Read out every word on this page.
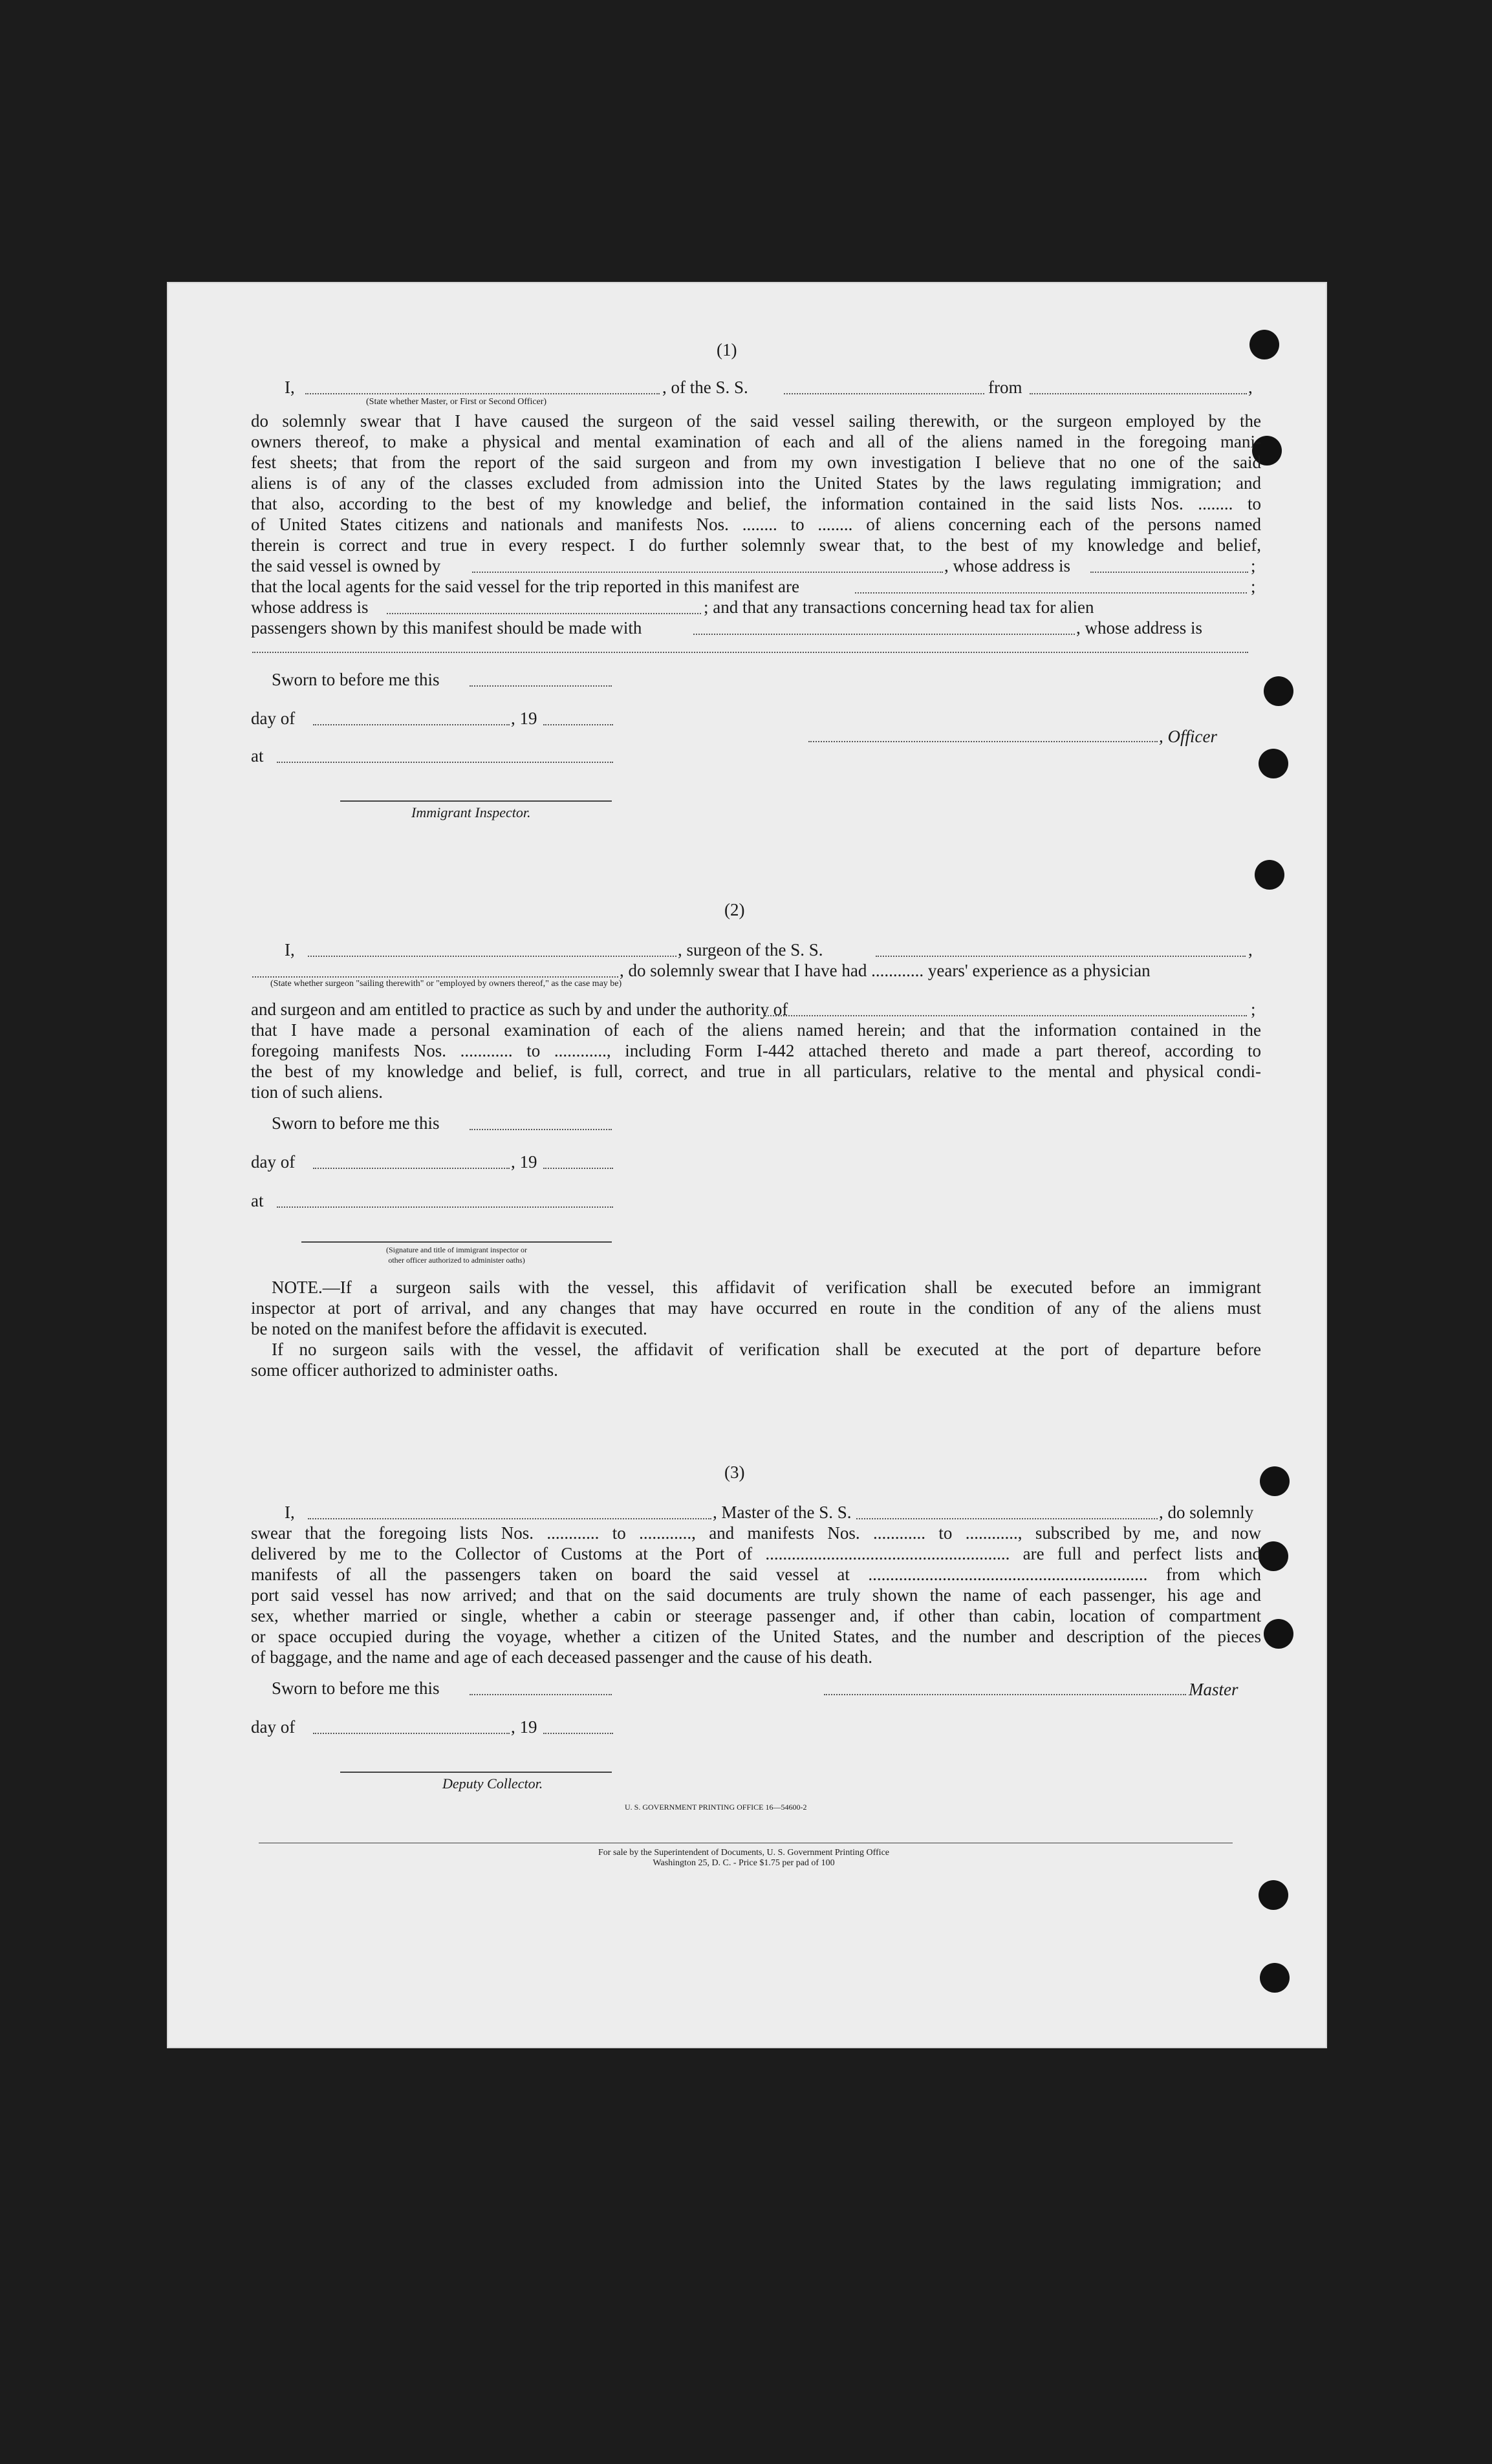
(1)
I,	, of the S. S.	from	,
(State whether Master, or First or Second Officer)
do solemnly swear that I have caused the surgeon of the said vessel sailing therewith, or the surgeon employed by the
owners thereof, to make a physical and mental examination of each and all of the aliens named in the foregoing mani-
fest sheets; that from the report of the said surgeon and from my own investigation I believe that no one of the said
aliens is of any of the classes excluded from admission into the United States by the laws regulating immigration; and
that also, according to the best of my knowledge and belief, the information contained in the said lists Nos. ........ to
of United States citizens and nationals and manifests Nos. ........ to ........ of aliens concerning each of the persons named
therein is correct and true in every respect. I do further solemnly swear that, to the best of my knowledge and belief,
the said vessel is owned by	, whose address is	;
that the local agents for the said vessel for the trip reported in this manifest are	;
whose address is	; and that any transactions concerning head tax for alien
passengers shown by this manifest should be made with	, whose address is
Sworn to before me this
day of	, 19
, Officer
at
Immigrant Inspector.
(2)
I,	, surgeon of the S. S.	,
, do solemnly swear that I have had ............ years' experience as a physician
(State whether surgeon "sailing therewith" or "employed by owners thereof," as the case may be)
and surgeon and am entitled to practice as such by and under the authority of	;
that I have made a personal examination of each of the aliens named herein; and that the information contained in the
foregoing manifests Nos. ............ to ............, including Form I-442 attached thereto and made a part thereof, according to
the best of my knowledge and belief, is full, correct, and true in all particulars, relative to the mental and physical condi-
tion of such aliens.
Sworn to before me this
day of	, 19
at
(Signature and title of immigrant inspector or
other officer authorized to administer oaths)
NOTE.—If a surgeon sails with the vessel, this affidavit of verification shall be executed before an immigrant
inspector at port of arrival, and any changes that may have occurred en route in the condition of any of the aliens must
be noted on the manifest before the affidavit is executed.
If no surgeon sails with the vessel, the affidavit of verification shall be executed at the port of departure before
some officer authorized to administer oaths.
(3)
I,	, Master of the S. S.	, do solemnly
swear that the foregoing lists Nos. ............ to ............, and manifests Nos. ............ to ............, subscribed by me, and now
delivered by me to the Collector of Customs at the Port of ........................................................ are full and perfect lists and
manifests of all the passengers taken on board the said vessel at ................................................................ from which
port said vessel has now arrived; and that on the said documents are truly shown the name of each passenger, his age and
sex, whether married or single, whether a cabin or steerage passenger and, if other than cabin, location of compartment
or space occupied during the voyage, whether a citizen of the United States, and the number and description of the pieces
of baggage, and the name and age of each deceased passenger and the cause of his death.
Sworn to before me this	Master
day of	, 19
Deputy Collector.
U. S. GOVERNMENT PRINTING OFFICE 16—54600-2
For sale by the Superintendent of Documents, U. S. Government Printing Office
Washington 25, D. C. - Price $1.75 per pad of 100
